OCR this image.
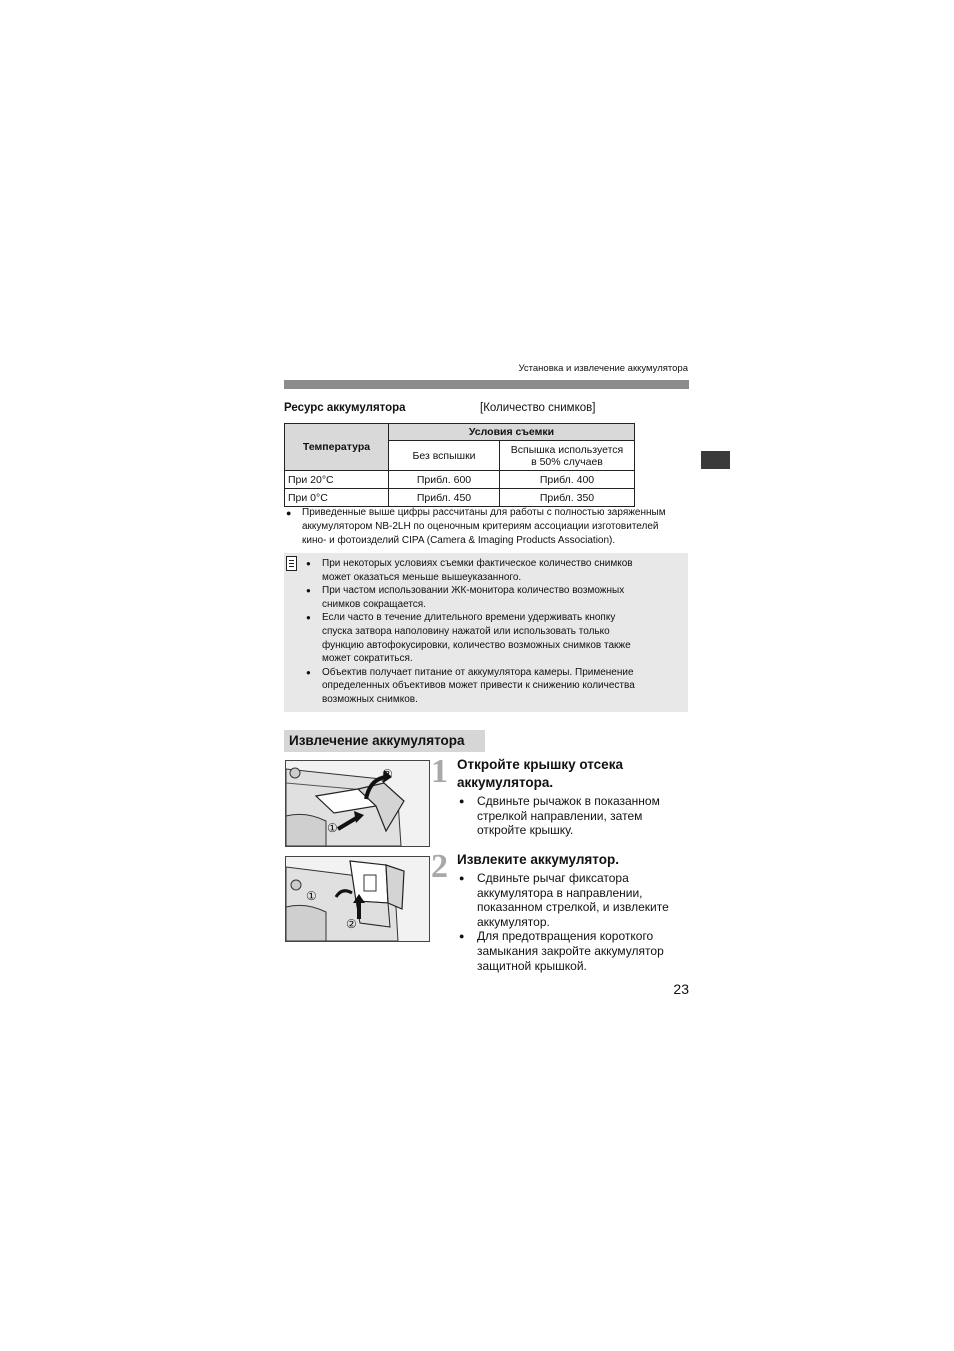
Установка и извлечение аккумулятора
Ресурс аккумулятора	[Количество снимков]
Температура	Условия съемки	
	Без вспышки	Вспышка используется
в 50% случаев

При 20°C	Прибл. 600	Прибл. 400
При 0°C	Прибл. 450	Прибл. 350
●	Приведенные выше цифры рассчитаны для работы с полностью заряженным
аккумулятором NB-2LH по оценочным критериям ассоциации изготовителей
кино- и фотоизделий CIPA (Camera & Imaging Products Association).
●	При некоторых условиях съемки фактическое количество снимков
может оказаться меньше вышеуказанного.
●	При частом использовании ЖК-монитора количество возможных
снимков сокращается.
●	Если часто в течение длительного времени удерживать кнопку
спуска затвора наполовину нажатой или использовать только
функцию автофокусировки, количество возможных снимков также
может сократиться.
●	Объектив получает питание от аккумулятора камеры. Применение
определенных объективов может привести к снижению количества
возможных снимков.
Извлечение аккумулятора
①
②
①
②
1 Откройте крышку отсека
аккумулятора.
●	Сдвиньте рычажок в показанном
стрелкой направлении, затем
откройте крышку.
2 Извлеките аккумулятор.
●	Сдвиньте рычаг фиксатора
аккумулятора в направлении,
показанном стрелкой, и извлеките
аккумулятор.
●	Для предотвращения короткого
замыкания закройте аккумулятор
защитной крышкой.
23
